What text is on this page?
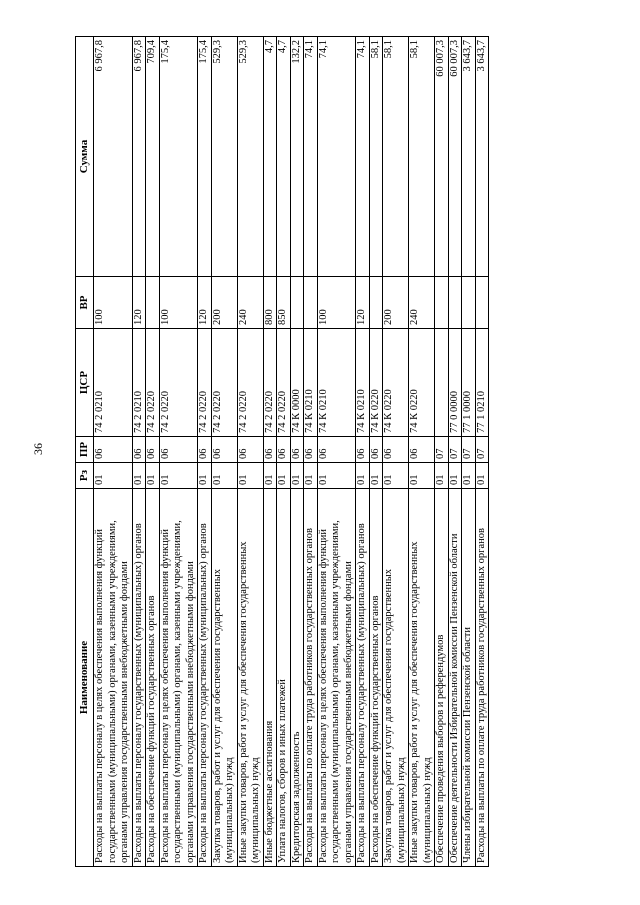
36
Наименование	Рз	ПР	ЦСР	ВР	Сумма
Расходы на выплаты персоналу в целях обеспечения выполнения функций государственными (муниципальными) органами, казенными учреждениями, органами управления государственными внебюджетными фондами	01	06	74 2 0210	100	6 967,8
Расходы на выплаты персоналу государственных (муниципальных) органов	01	06	74 2 0210	120	6 967,8
Расходы на обеспечение функций государственных органов	01	06	74 2 0220		709,4
Расходы на выплаты персоналу в целях обеспечения выполнения функций государственными (муниципальными) органами, казенными учреждениями, органами управления государственными внебюджетными фондами	01	06	74 2 0220	100	175,4
Расходы на выплаты персоналу государственных (муниципальных) органов	01	06	74 2 0220	120	175,4
Закупка товаров, работ и услуг для обеспечения государственных (муниципальных) нужд	01	06	74 2 0220	200	529,3
Иные закупки товаров, работ и услуг для обеспечения государственных (муниципальных) нужд	01	06	74 2 0220	240	529,3
Иные бюджетные ассигнования	01	06	74 2 0220	800	4,7
Уплата налогов, сборов и иных платежей	01	06	74 2 0220	850	4,7
Кредиторская задолженность	01	06	74 К 0000		132,2
Расходы на выплаты по оплате труда работников государственных органов	01	06	74 К 0210		74,1
Расходы на выплаты персоналу в целях обеспечения выполнения функций государственными (муниципальными) органами, казенными учреждениями, органами управления государственными внебюджетными фондами	01	06	74 К 0210	100	74,1
Расходы на выплаты персоналу государственных (муниципальных) органов	01	06	74 К 0210	120	74,1
Расходы на обеспечение функций государственных органов	01	06	74 К 0220		58,1
Закупка товаров, работ и услуг для обеспечения государственных (муниципальных) нужд	01	06	74 К 0220	200	58,1
Иные закупки товаров, работ и услуг для обеспечения государственных (муниципальных) нужд	01	06	74 К 0220	240	58,1
Обеспечение проведения выборов и референдумов	01	07			60 007,3
Обеспечение деятельности Избирательной комиссии Пензенской области	01	07	77 0 0000		60 007,3
Члены избирательной комиссии Пензенской области	01	07	77 1 0000		3 643,7
Расходы на выплаты по оплате труда работников государственных органов	01	07	77 1 0210		3 643,7
